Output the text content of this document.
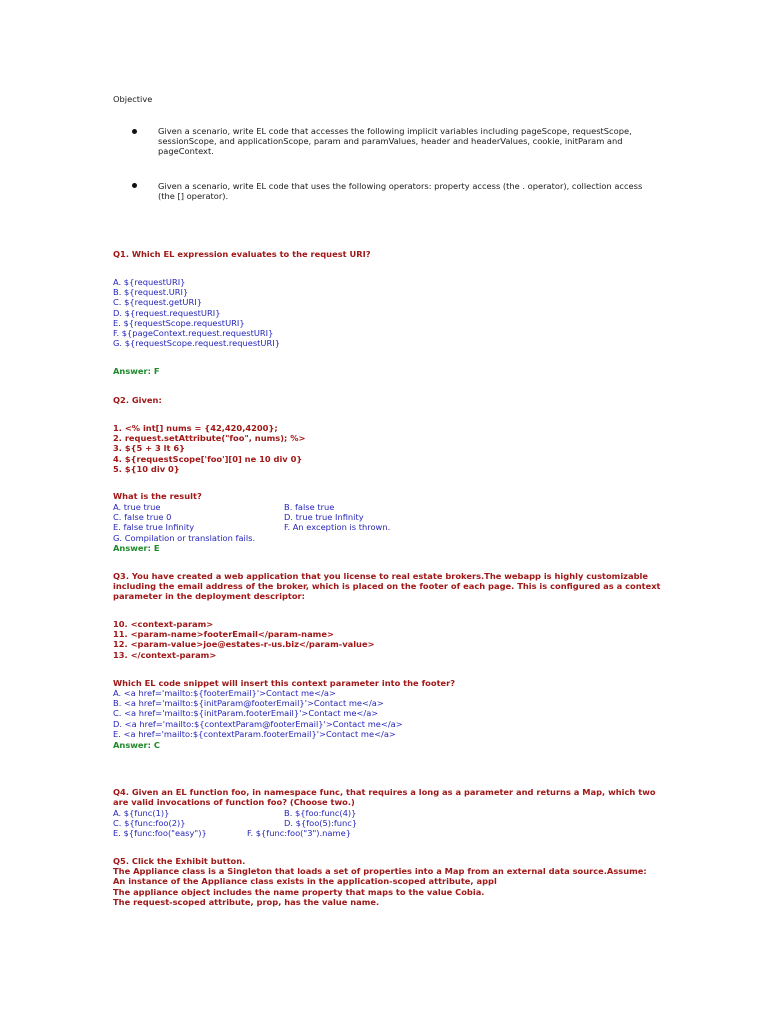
Objective
Given a scenario, write EL code that accesses the following implicit variables including pageScope, requestScope,
sessionScope, and applicationScope, param and paramValues, header and headerValues, cookie, initParam and
pageContext.
Given a scenario, write EL code that uses the following operators: property access (the . operator), collection access
(the [] operator).
Q1. Which EL expression evaluates to the request URI?
A. ${requestURI}
B. ${request.URI}
C. ${request.getURI}
D. ${request.requestURI}
E. ${requestScope.requestURI}
F. ${pageContext.request.requestURI}
G. ${requestScope.request.requestURI}
Answer: F
Q2. Given:
1. <% int[] nums = {42,420,4200};
2. request.setAttribute("foo", nums); %>
3. ${5 + 3 lt 6}
4. ${requestScope['foo'][0] ne 10 div 0}
5. ${10 div 0}
What is the result?
A. true true
C. false true 0
E. false true Infinity
G. Compilation or translation fails.
B. false true
D. true true Infinity
F. An exception is thrown.
Answer: E
Q3. You have created a web application that you license to real estate brokers.The webapp is highly customizable
including the email address of the broker, which is placed on the footer of each page. This is configured as a context
parameter in the deployment descriptor:
10. <context-param>
11. <param-name>footerEmail</param-name>
12. <param-value>joe@estates-r-us.biz</param-value>
13. </context-param>
Which EL code snippet will insert this context parameter into the footer?
A. <a href='mailto:${footerEmail}'>Contact me</a>
B. <a href='mailto:${initParam@footerEmail}'>Contact me</a>
C. <a href='mailto:${initParam.footerEmail}'>Contact me</a>
D. <a href='mailto:${contextParam@footerEmail}'>Contact me</a>
E. <a href='mailto:${contextParam.footerEmail}'>Contact me</a>
Answer: C
Q4. Given an EL function foo, in namespace func, that requires a long as a parameter and returns a Map, which two
are valid invocations of function foo? (Choose two.)
A. ${func(1)}
C. ${func:foo(2)}
E. ${func:foo("easy")}
B. ${foo:func(4)}
D. ${foo(5):func}
F. ${func:foo("3").name}
Q5. Click the Exhibit button.
The Appliance class is a Singleton that loads a set of properties into a Map from an external data source.Assume:
An instance of the Appliance class exists in the application-scoped attribute, appl
The appliance object includes the name property that maps to the value Cobia.
The request-scoped attribute, prop, has the value name.
